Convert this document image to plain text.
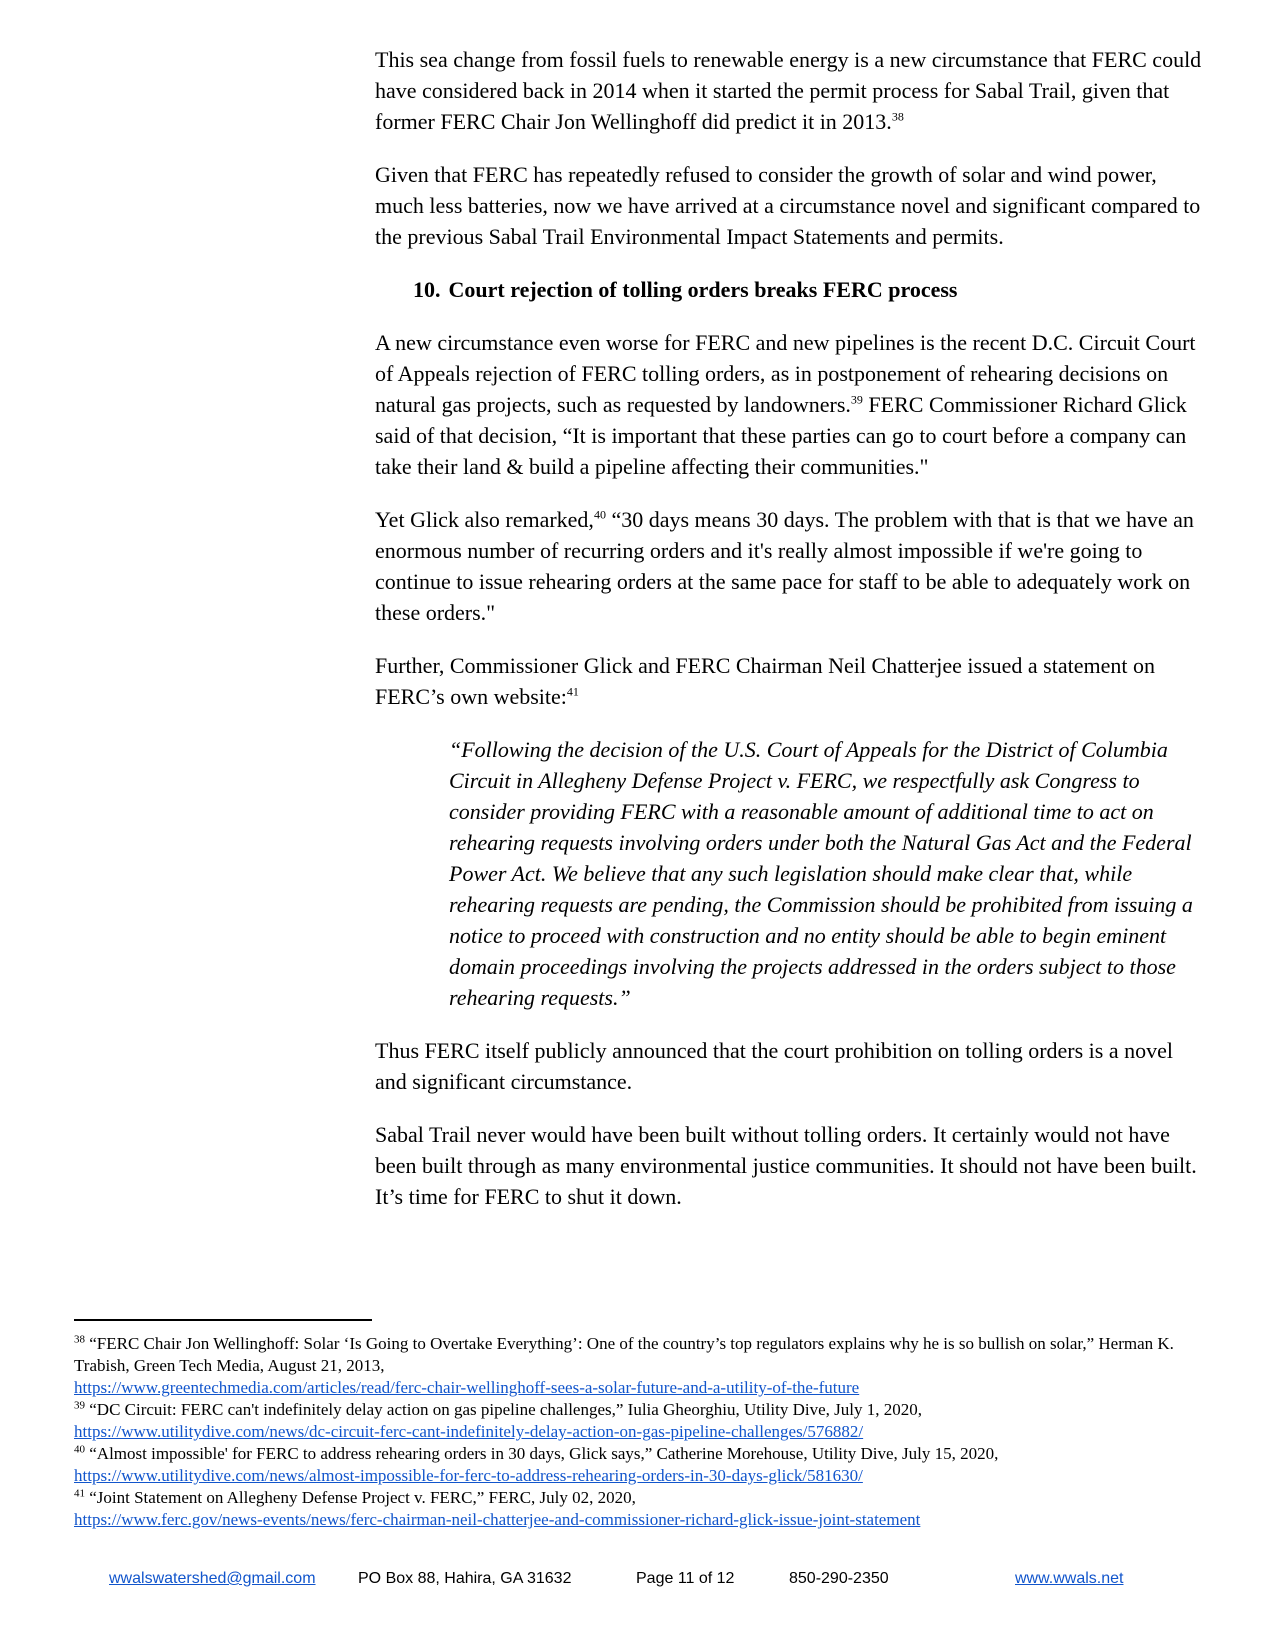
This sea change from fossil fuels to renewable energy is a new circumstance that FERC could have considered back in 2014 when it started the permit process for Sabal Trail, given that former FERC Chair Jon Wellinghoff did predict it in 2013.38

Given that FERC has repeatedly refused to consider the growth of solar and wind power, much less batteries, now we have arrived at a circumstance novel and significant compared to the previous Sabal Trail Environmental Impact Statements and permits.

10. Court rejection of tolling orders breaks FERC process

A new circumstance even worse for FERC and new pipelines is the recent D.C. Circuit Court of Appeals rejection of FERC tolling orders, as in postponement of rehearing decisions on natural gas projects, such as requested by landowners.$^{39}$ FERC Commissioner Richard Glick said of that decision, “It is important that these parties can go to court before a company can take their land & build a pipeline affecting their communities."

Yet Glick also remarked,$^{40}$ “30 days means 30 days. The problem with that is that we have an enormous number of recurring orders and it's really almost impossible if we're going to continue to issue rehearing orders at the same pace for staff to be able to adequately work on these orders."

Further, Commissioner Glick and FERC Chairman Neil Chatterjee issued a statement on FERC’s own website:$^{41}$

“Following the decision of the U.S. Court of Appeals for the District of Columbia Circuit in Allegheny Defense Project v. FERC, we respectfully ask Congress to consider providing FERC with a reasonable amount of additional time to act on rehearing requests involving orders under both the Natural Gas Act and the Federal Power Act. We believe that any such legislation should make clear that, while rehearing requests are pending, the Commission should be prohibited from issuing a notice to proceed with construction and no entity should be able to begin eminent domain proceedings involving the projects addressed in the orders subject to those rehearing requests.”

Thus FERC itself publicly announced that the court prohibition on tolling orders is a novel and significant circumstance.

Sabal Trail never would have been built without tolling orders. It certainly would not have been built through as many environmental justice communities. It should not have been built. It’s time for FERC to shut it down.

$^{38}$ “FERC Chair Jon Wellinghoff: Solar ‘Is Going to Overtake Everything’: One of the country’s top regulators explains why he is so bullish on solar,” Herman K. Trabish, Green Tech Media, August 21, 2013,
https://www.greentechmedia.com/articles/read/ferc-chair-wellinghoff-sees-a-solar-future-and-a-utility-of-the-future

$^{39}$ “DC Circuit: FERC can't indefinitely delay action on gas pipeline challenges,” Iulia Gheorghiu, Utility Dive, July 1, 2020,
https://www.utilitydive.com/news/dc-circuit-ferc-cant-indefinitely-delay-action-on-gas-pipeline-challenges/576882/

$^{40}$ “Almost impossible' for FERC to address rehearing orders in 30 days, Glick says,” Catherine Morehouse, Utility Dive, July 15, 2020,
https://www.utilitydive.com/news/almost-impossible-for-ferc-to-address-rehearing-orders-in-30-days-glick/581630/

$^{41}$ “Joint Statement on Allegheny Defense Project v. FERC,” FERC, July 02, 2020,
https://www.ferc.gov/news-events/news/ferc-chairman-neil-chatterjee-and-commissioner-richard-glick-issue-joint-statement

wwalswatershed@gmail.com	PO Box 88, Hahira, GA 31632	Page 11 of 12	850-290-2350	www.wwals.net
